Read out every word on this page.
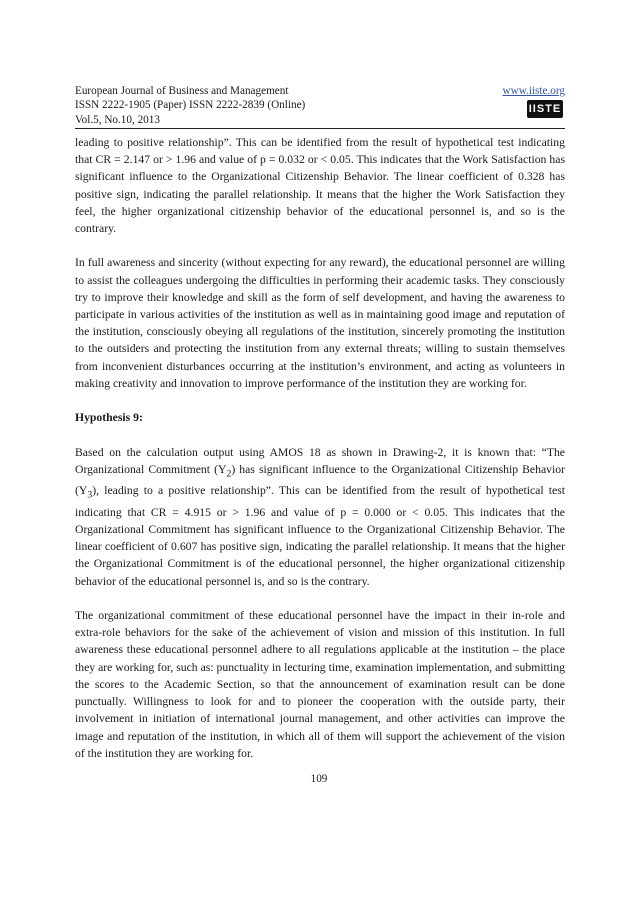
European Journal of Business and Management	www.iiste.org
ISSN 2222-1905 (Paper) ISSN 2222-2839 (Online)
Vol.5, No.10, 2013
IISTE

leading to positive relationship”. This can be identified from the result of hypothetical test indicating that CR = 2.147 or > 1.96 and value of p = 0.032 or < 0.05. This indicates that the Work Satisfaction has significant influence to the Organizational Citizenship Behavior. The linear coefficient of 0.328 has positive sign, indicating the parallel relationship. It means that the higher the Work Satisfaction they feel, the higher organizational citizenship behavior of the educational personnel is, and so is the contrary.

In full awareness and sincerity (without expecting for any reward), the educational personnel are willing to assist the colleagues undergoing the difficulties in performing their academic tasks. They consciously try to improve their knowledge and skill as the form of self development, and having the awareness to participate in various activities of the institution as well as in maintaining good image and reputation of the institution, consciously obeying all regulations of the institution, sincerely promoting the institution to the outsiders and protecting the institution from any external threats; willing to sustain themselves from inconvenient disturbances occurring at the institution’s environment, and acting as volunteers in making creativity and innovation to improve performance of the institution they are working for.

Hypothesis 9:

Based on the calculation output using AMOS 18 as shown in Drawing-2, it is known that: “The Organizational Commitment $(Y_2)$ has significant influence to the Organizational Citizenship Behavior $(Y_3)$, leading to a positive relationship”. This can be identified from the result of hypothetical test indicating that CR = 4.915 or > 1.96 and value of p = 0.000 or < 0.05. This indicates that the Organizational Commitment has significant influence to the Organizational Citizenship Behavior. The linear coefficient of 0.607 has positive sign, indicating the parallel relationship. It means that the higher the Organizational Commitment is of the educational personnel, the higher organizational citizenship behavior of the educational personnel is, and so is the contrary.

The organizational commitment of these educational personnel have the impact in their in-role and extra-role behaviors for the sake of the achievement of vision and mission of this institution. In full awareness these educational personnel adhere to all regulations applicable at the institution – the place they are working for, such as: punctuality in lecturing time, examination implementation, and submitting the scores to the Academic Section, so that the announcement of examination result can be done punctually. Willingness to look for and to pioneer the cooperation with the outside party, their involvement in initiation of international journal management, and other activities can improve the image and reputation of the institution, in which all of them will support the achievement of the vision of the institution they are working for.

109
